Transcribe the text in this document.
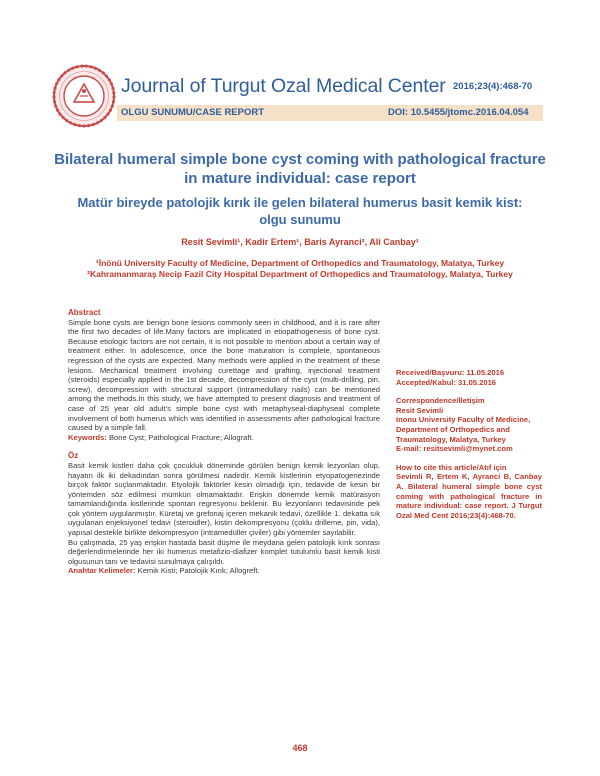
Journal of Turgut Ozal Medical Center 2016;23(4):468-70
OLGU SUNUMU/CASE REPORT	DOI: 10.5455/jtomc.2016.04.054
Bilateral humeral simple bone cyst coming with pathological fracture
in mature individual: case report
Matür bireyde patolojik kırık ile gelen bilateral humerus basit kemik kist:
olgu sunumu
Resit Sevimli¹, Kadir Ertem¹, Baris Ayranci², Ali Canbay¹
¹İnönü University Faculty of Medicine, Department of Orthopedics and Traumatology, Malatya, Turkey
²Kahramanmaraş Necip Fazil City Hospital Department of Orthopedics and Traumatology, Malatya, Turkey
Abstract

Simple bone cysts are benign bone lesions commonly seen in childhood, and it is rare after the first two decades of life.Many factors are implicated in etiopathogenesis of bone cyst. Because etiologic factors are not certain, it is not possible to mention about a certain way of treatment either. In adolescence, once the bone maturation is complete, spontaneous regression of the cysts are expected. Many methods were applied in the treatment of these lesions. Mechanical treatment involving curettage and grafting, injectional treatment (steroids) especially applied in the 1st decade, decompression of the cyst (multi-drilling, pin, screw), decompression with structural support (intramedullary nails) can be mentioned among the methods.In this study, we have attempted to present diagnosis and treatment of case of 25 year old adult's simple bone cyst with metaphyseal-diaphyseal complete involvement of both humerus which was identified in assessments after pathological fracture caused by a simple fall.

Keywords: Bone Cyst; Pathological Fracture; Allograft.

Öz

Basit kemik kistleri daha çok çocukluk döneminde görülen benign kemik lezyonları olup, hayatın ilk iki dekadından sonra görülmesi nadirdir. Kemik kistlerinin etyopatogenezinde birçok faktör suçlanmaktadır. Etyolojik faktörler kesin olmadığı için, tedavide de kesin bir yöntemden söz edilmesi mümkün olmamaktadır. Erişkin dönemde kemik matürasyon tamamlandığında kistlerinde spontan regresyonu beklenir. Bu lezyonların tedavisinde pek çok yöntem uygulanmıştır. Küretaj ve grefonaj içeren mekanik tedavi, özellikle 1. dekatta sık uygulanan enjeksiyonel tedavi (steroidler), kistin dekompresyonu (çoklu drilleme, pin, vida), yapısal destekle birlikte dekompresyon (intramedüller çiviler) gibi yöntemler sayılabilir.

Bu çalışmada, 25 yaş erişkin hastada basit düşme ile meydana gelen patolojik kırık sonrası değerlendirmelerinde her iki humerus metafizio-diafizer komplet tutulumlu basit kemik kisti olgusunun tanı ve tedavisi sunulmaya çalışıldı.

Anahtar Kelimeler: Kemik Kisti; Patolojik Kırık; Allogreft.

Received/Başvuru: 11.05.2016

Accepted/Kabul: 31.05.2016

Correspondence/İletişim

Resit Sevimli

Inonu University Faculty of Medicine, Department of Orthopedics and Traumatology, Malatya, Turkey

E-mail: resitsevimli@mynet.com

How to cite this article/Atıf için

Sevimli R, Ertem K, Ayranci B, Canbay A. Bilateral humeral simple bone cyst coming with pathological fracture in mature individual: case report. J Turgut Ozal Med Cent 2016;23(4):468-70.

468
